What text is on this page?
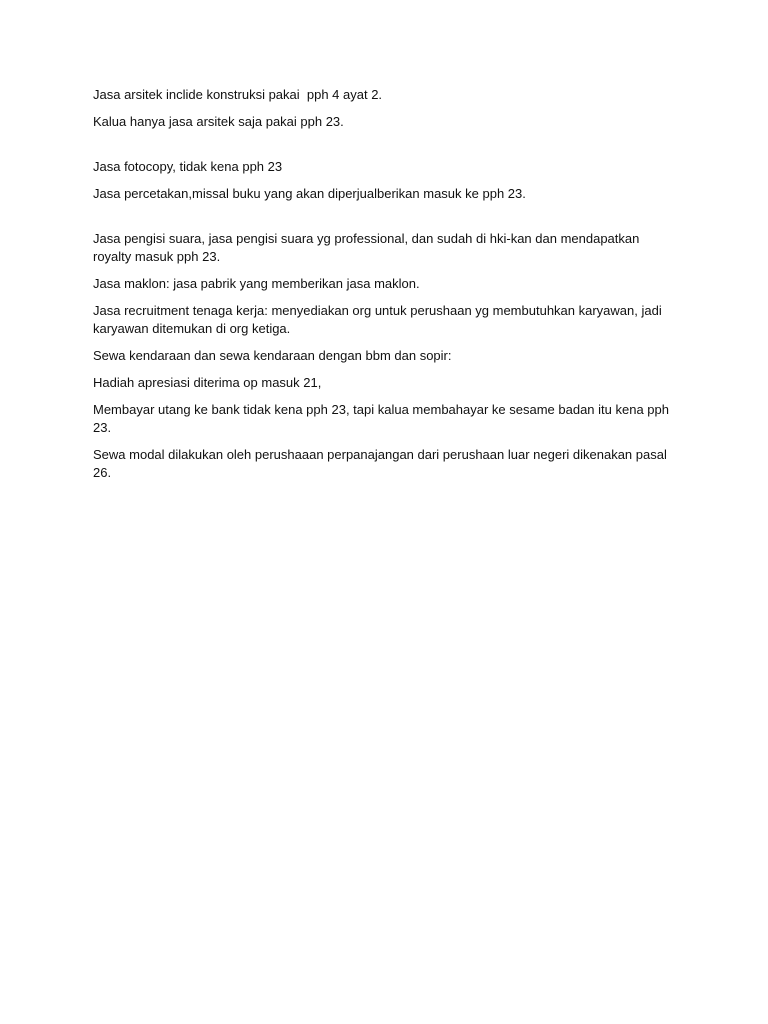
Jasa arsitek inclide konstruksi pakai  pph 4 ayat 2.

Kalua hanya jasa arsitek saja pakai pph 23.

Jasa fotocopy, tidak kena pph 23

Jasa percetakan,missal buku yang akan diperjualberikan masuk ke pph 23.

Jasa pengisi suara, jasa pengisi suara yg professional, dan sudah di hki-kan dan mendapatkan royalty masuk pph 23.

Jasa maklon: jasa pabrik yang memberikan jasa maklon.

Jasa recruitment tenaga kerja: menyediakan org untuk perushaan yg membutuhkan karyawan, jadi karyawan ditemukan di org ketiga.

Sewa kendaraan dan sewa kendaraan dengan bbm dan sopir:

Hadiah apresiasi diterima op masuk 21,

Membayar utang ke bank tidak kena pph 23, tapi kalua membahayar ke sesame badan itu kena pph 23.

Sewa modal dilakukan oleh perushaaan perpanajangan dari perushaan luar negeri dikenakan pasal 26.
